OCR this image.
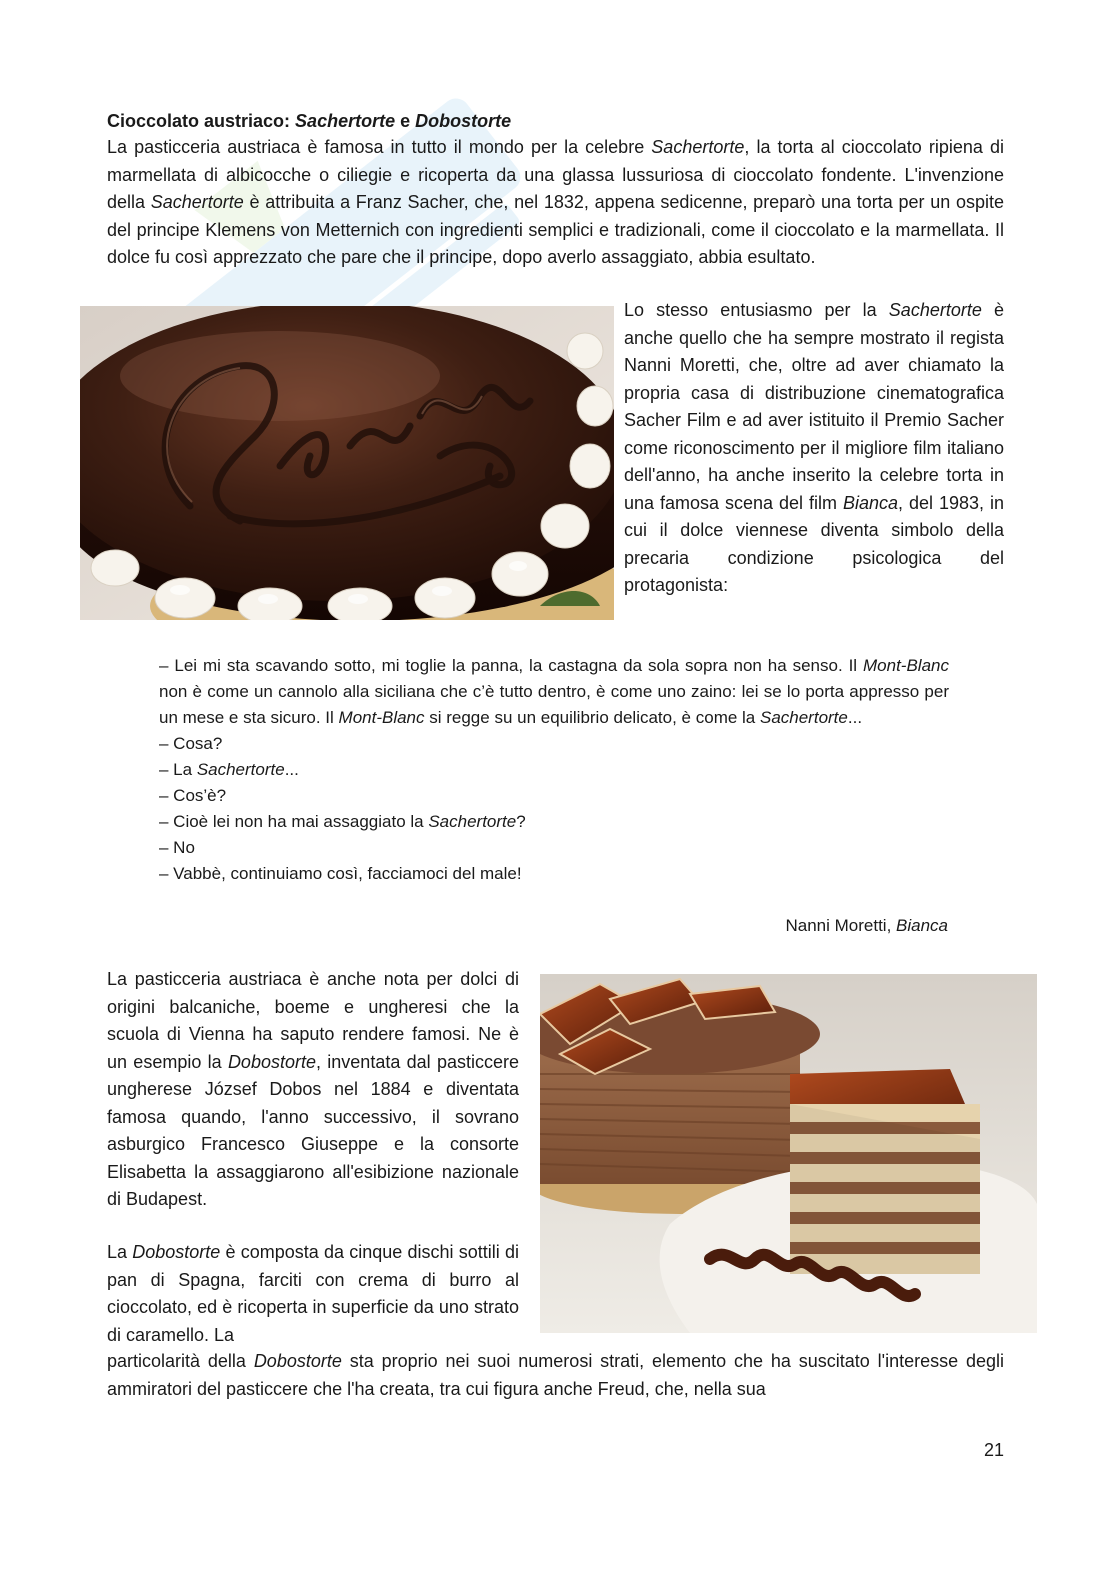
Cioccolato austriaco: Sachertorte e Dobostorte

La pasticceria austriaca è famosa in tutto il mondo per la celebre Sachertorte, la torta al cioccolato ripiena di marmellata di albicocche o ciliegie e ricoperta da una glassa lussuriosa di cioccolato fondente. L'invenzione della Sachertorte è attribuita a Franz Sacher, che, nel 1832, appena sedicenne, preparò una torta per un ospite del principe Klemens von Metternich con ingredienti semplici e tradizionali, come il cioccolato e la marmellata. Il dolce fu così apprezzato che pare che il principe, dopo averlo assaggiato, abbia esultato.

Lo stesso entusiasmo per la Sachertorte è anche quello che ha sempre mostrato il regista Nanni Moretti, che, oltre ad aver chiamato la propria casa di distribuzione cinematografica Sacher Film e ad aver istituito il Premio Sacher come riconoscimento per il migliore film italiano dell'anno, ha anche inserito la celebre torta in una famosa scena del film Bianca, del 1983, in cui il dolce viennese diventa simbolo della precaria condizione psicologica del protagonista:

– Lei mi sta scavando sotto, mi toglie la panna, la castagna da sola sopra non ha senso. Il Mont-Blanc non è come un cannolo alla siciliana che c’è tutto dentro, è come uno zaino: lei se lo porta appresso per un mese e sta sicuro. Il Mont-Blanc si regge su un equilibrio delicato, è come la Sachertorte...
– Cosa?
– La Sachertorte...
– Cos’è?
– Cioè lei non ha mai assaggiato la Sachertorte?
– No
– Vabbè, continuiamo così, facciamoci del male!
Nanni Moretti, Bianca

La pasticceria austriaca è anche nota per dolci di origini balcaniche, boeme e ungheresi che la scuola di Vienna ha saputo rendere famosi. Ne è un esempio la Dobostorte, inventata dal pasticcere ungherese József Dobos nel 1884 e diventata famosa quando, l'anno successivo, il sovrano asburgico Francesco Giuseppe e la consorte Elisabetta la assaggiarono all'esibizione nazionale di Budapest.

La Dobostorte è composta da cinque dischi sottili di pan di Spagna, farciti con crema di burro al cioccolato, ed è ricoperta in superficie da uno strato di caramello. La

particolarità della Dobostorte sta proprio nei suoi numerosi strati, elemento che ha suscitato l'interesse degli ammiratori del pasticcere che l'ha creata, tra cui figura anche Freud, che, nella sua

21
